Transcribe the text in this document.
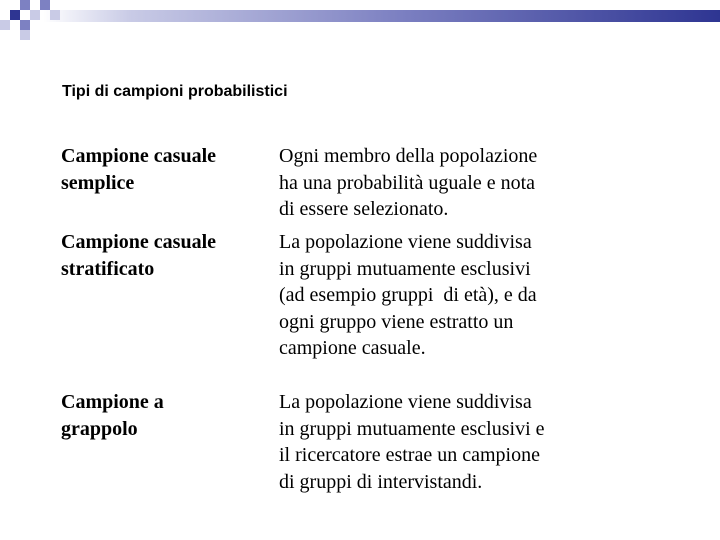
Tipi di campioni probabilistici
Campione casuale
semplice
Ogni membro della popolazione
ha una probabilità uguale e nota
di essere selezionato.
Campione casuale
stratificato
La popolazione viene suddivisa
in gruppi mutuamente esclusivi
(ad esempio gruppi  di età), e da
ogni gruppo viene estratto un
campione casuale.
Campione a
grappolo
La popolazione viene suddivisa
in gruppi mutuamente esclusivi e
il ricercatore estrae un campione
di gruppi di intervistandi.
